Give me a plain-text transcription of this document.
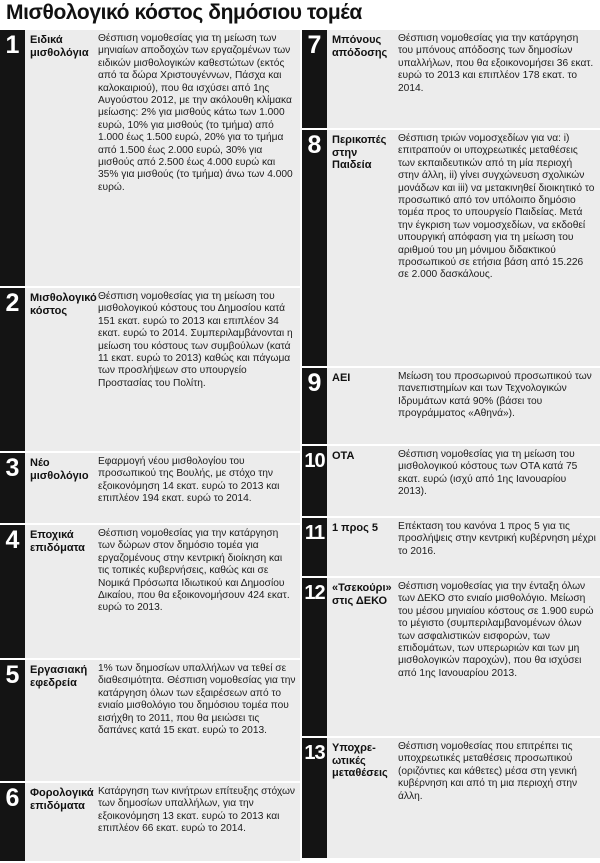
Μισθολογικό κόστος δημόσιου τομέα
1 Ειδικά μισθολόγια
Θέσπιση νομοθεσίας για τη μείωση των μηνιαίων αποδοχών των εργαζομένων των ειδικών μισθολογικών καθεστώτων (εκτός από τα δώρα Χριστουγέννων, Πάσχα και καλοκαιριού), που θα ισχύσει από 1ης Αυγούστου 2012, με την ακόλουθη κλίμακα μείωσης: 2% για μισθούς κάτω των 1.000 ευρώ, 10% για μισθούς (το τμήμα) από 1.000 έως 1.500 ευρώ, 20% για το τμήμα από 1.500 έως 2.000 ευρώ, 30% για μισθούς από 2.500 έως 4.000 ευρώ και 35% για μισθούς (το τμήμα) άνω των 4.000 ευρώ.
2 Μισθολογικό κόστος
Θέσπιση νομοθεσίας για τη μείωση του μισθολογικού κόστους του Δημοσίου κατά 151 εκατ. ευρώ το 2013 και επιπλέον 34 εκατ. ευρώ το 2014. Συμπεριλαμβάνονται η μείωση του κόστους των συμβούλων (κατά 11 εκατ. ευρώ το 2013) καθώς και πάγωμα των προσλήψεων στο υπουργείο Προστασίας του Πολίτη.
3 Νέο μισθολόγιο
Εφαρμογή νέου μισθολογίου του προσωπικού της Βουλής, με στόχο την εξοικονόμηση 14 εκατ. ευρώ το 2013 και επιπλέον 194 εκατ. ευρώ το 2014.
4 Εποχικά επιδόματα
Θέσπιση νομοθεσίας για την κατάργηση των δώρων στον δημόσιο τομέα για εργαζομένους στην κεντρική διοίκηση και τις τοπικές κυβερνήσεις, καθώς και σε Νομικά Πρόσωπα Ιδιωτικού και Δημοσίου Δικαίου, που θα εξοικονομήσουν 424 εκατ. ευρώ το 2013.
5 Εργασιακή εφεδρεία
1% των δημοσίων υπαλλήλων να τεθεί σε διαθεσιμότητα. Θέσπιση νομοθεσίας για την κατάργηση όλων των εξαιρέσεων από το ενιαίο μισθολόγιο του δημόσιου τομέα που εισήχθη το 2011, που θα μειώσει τις δαπάνες κατά 15 εκατ. ευρώ το 2013.
6 Φορολογικά επιδόματα
Κατάργηση των κινήτρων επίτευξης στόχων των δημοσίων υπαλλήλων, για την εξοικονόμηση 13 εκατ. ευρώ το 2013 και επιπλέον 66 εκατ. ευρώ το 2014.
7 Μπόνους απόδοσης
Θέσπιση νομοθεσίας για την κατάργηση του μπόνους απόδοσης των δημοσίων υπαλλήλων, που θα εξοικονομήσει 36 εκατ. ευρώ το 2013 και επιπλέον 178 εκατ. το 2014.
8 Περικοπές στην Παιδεία
Θέσπιση τριών νομοσχεδίων για να: i) επιτραπούν οι υποχρεωτικές μεταθέσεις των εκπαιδευτικών από τη μία περιοχή στην άλλη, ii) γίνει συγχώνευση σχολικών μονάδων και iii) να μετακινηθεί διοικητικό το προσωπικό από τον υπόλοιπο δημόσιο τομέα προς το υπουργείο Παιδείας. Μετά την έγκριση των νομοσχεδίων, να εκδοθεί υπουργική απόφαση για τη μείωση του αριθμού του μη μόνιμου διδακτικού προσωπικού σε ετήσια βάση από 15.226 σε 2.000 δασκάλους.
9 ΑΕΙ	Μείωση του προσωρινού προσωπικού των πανεπιστημίων και των Τεχνολογικών Ιδρυμάτων κατά 90% (βάσει του προγράμματος «Αθηνά»).
10 ΟΤΑ	Θέσπιση νομοθεσίας για τη μείωση του μισθολογικού κόστους των ΟΤΑ κατά 75 εκατ. ευρώ (ισχύ από 1ης Ιανουαρίου 2013).
11 1 προς 5	Επέκταση του κανόνα 1 προς 5 για τις προσλήψεις στην κεντρική κυβέρνηση μέχρι το 2016.
12 «Τσεκούρι» στις ΔΕΚΟ
Θέσπιση νομοθεσίας για την ένταξη όλων των ΔΕΚΟ στο ενιαίο μισθολόγιο. Μείωση του μέσου μηνιαίου κόστους σε 1.900 ευρώ το μέγιστο (συμπεριλαμβανομένων όλων των ασφαλιστικών εισφορών, των επιδομάτων, των υπερωριών και των μη μισθολογικών παροχών), που θα ισχύσει από 1ης Ιανουαρίου 2013.
13 Υποχρε-ωτικές μεταθέσεις
Θέσπιση νομοθεσίας που επιτρέπει τις υποχρεωτικές μεταθέσεις προσωπικού (οριζόντιες και κάθετες) μέσα στη γενική κυβέρνηση και από τη μια περιοχή στην άλλη.
